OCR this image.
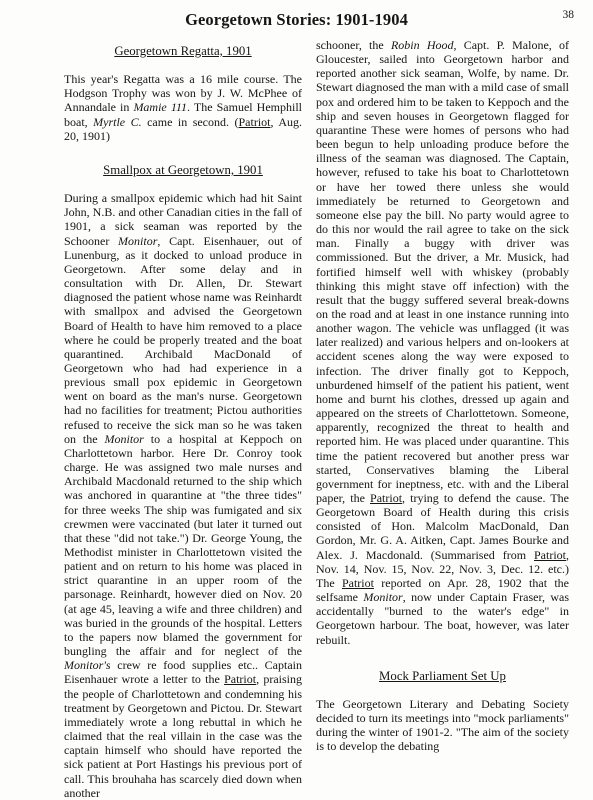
Georgetown Stories: 1901-1904	38

Georgetown Regatta, 1901

This year's Regatta was a 16 mile course. The Hodgson Trophy was won by J. W. McPhee of Annandale in Mamie 111. The Samuel Hemphill boat, Myrtle C. came in second. (Patriot, Aug. 20, 1901)

Smallpox at Georgetown, 1901

During a smallpox epidemic which had hit Saint John, N.B. and other Canadian cities in the fall of 1901, a sick seaman was reported by the Schooner Monitor, Capt. Eisenhauer, out of Lunenburg, as it docked to unload produce in Georgetown. After some delay and in consultation with Dr. Allen, Dr. Stewart diagnosed the patient whose name was Reinhardt with smallpox and advised the Georgetown Board of Health to have him removed to a place where he could be properly treated and the boat quarantined. Archibald MacDonald of Georgetown who had had experience in a previous small pox epidemic in Georgetown went on board as the man's nurse. Georgetown had no facilities for treatment; Pictou authorities refused to receive the sick man so he was taken on the Monitor to a hospital at Keppoch on Charlottetown harbor. Here Dr. Conroy took charge. He was assigned two male nurses and Archibald Macdonald returned to the ship which was anchored in quarantine at "the three tides" for three weeks The ship was fumigated and six crewmen were vaccinated (but later it turned out that these "did not take.") Dr. George Young, the Methodist minister in Charlottetown visited the patient and on return to his home was placed in strict quarantine in an upper room of the parsonage. Reinhardt, however died on Nov. 20 (at age 45, leaving a wife and three children) and was buried in the grounds of the hospital. Letters to the papers now blamed the government for bungling the affair and for neglect of the Monitor's crew re food supplies etc.. Captain Eisenhauer wrote a letter to the Patriot, praising the people of Charlottetown and condemning his treatment by Georgetown and Pictou. Dr. Stewart immediately wrote a long rebuttal in which he claimed that the real villain in the case was the captain himself who should have reported the sick patient at Port Hastings his previous port of call. This brouhaha has scarcely died down when another

schooner, the Robin Hood, Capt. P. Malone, of Gloucester, sailed into Georgetown harbor and reported another sick seaman, Wolfe, by name. Dr. Stewart diagnosed the man with a mild case of small pox and ordered him to be taken to Keppoch and the ship and seven houses in Georgetown flagged for quarantine These were homes of persons who had been begun to help unloading produce before the illness of the seaman was diagnosed. The Captain, however, refused to take his boat to Charlottetown or have her towed there unless she would immediately be returned to Georgetown and someone else pay the bill. No party would agree to do this nor would the rail agree to take on the sick man. Finally a buggy with driver was commissioned. But the driver, a Mr. Musick, had fortified himself well with whiskey (probably thinking this might stave off infection) with the result that the buggy suffered several break-downs on the road and at least in one instance running into another wagon. The vehicle was unflagged (it was later realized) and various helpers and on-lookers at accident scenes along the way were exposed to infection. The driver finally got to Keppoch, unburdened himself of the patient his patient, went home and burnt his clothes, dressed up again and appeared on the streets of Charlottetown. Someone, apparently, recognized the threat to health and reported him. He was placed under quarantine. This time the patient recovered but another press war started, Conservatives blaming the Liberal government for ineptness, etc. with and the Liberal paper, the Patriot, trying to defend the cause. The Georgetown Board of Health during this crisis consisted of Hon. Malcolm MacDonald, Dan Gordon, Mr. G. A. Aitken, Capt. James Bourke and Alex. J. Macdonald. (Summarised from Patriot, Nov. 14, Nov. 15, Nov. 22, Nov. 3, Dec. 12. etc.) The Patriot reported on Apr. 28, 1902 that the selfsame Monitor, now under Captain Fraser, was accidentally "burned to the water's edge" in Georgetown harbour. The boat, however, was later rebuilt.

Mock Parliament Set Up

The Georgetown Literary and Debating Society decided to turn its meetings into "mock parliaments" during the winter of 1901-2. "The aim of the society is to develop the debating
